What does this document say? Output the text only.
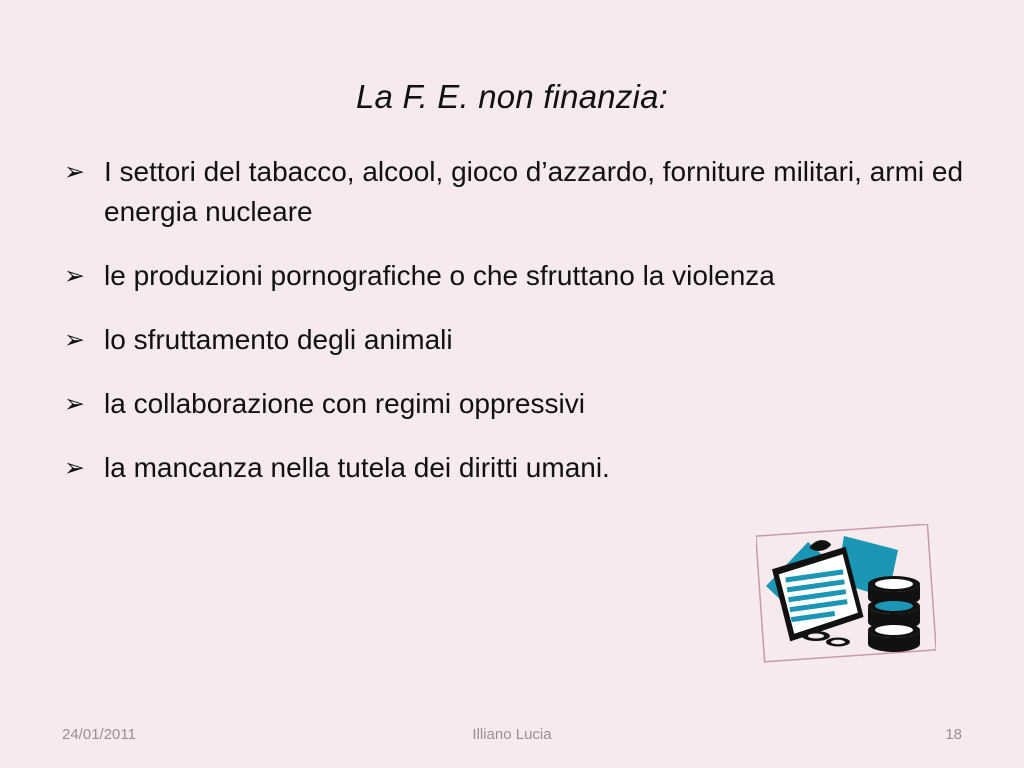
La F. E. non finanzia:
➢ I settori del tabacco, alcool, gioco d’azzardo, forniture militari, armi ed energia nucleare
➢ le produzioni pornografiche o che sfruttano la violenza
➢ lo sfruttamento degli animali
➢ la collaborazione con regimi oppressivi
➢ la mancanza nella tutela dei diritti umani.
24/01/2011	Illiano Lucia	18
